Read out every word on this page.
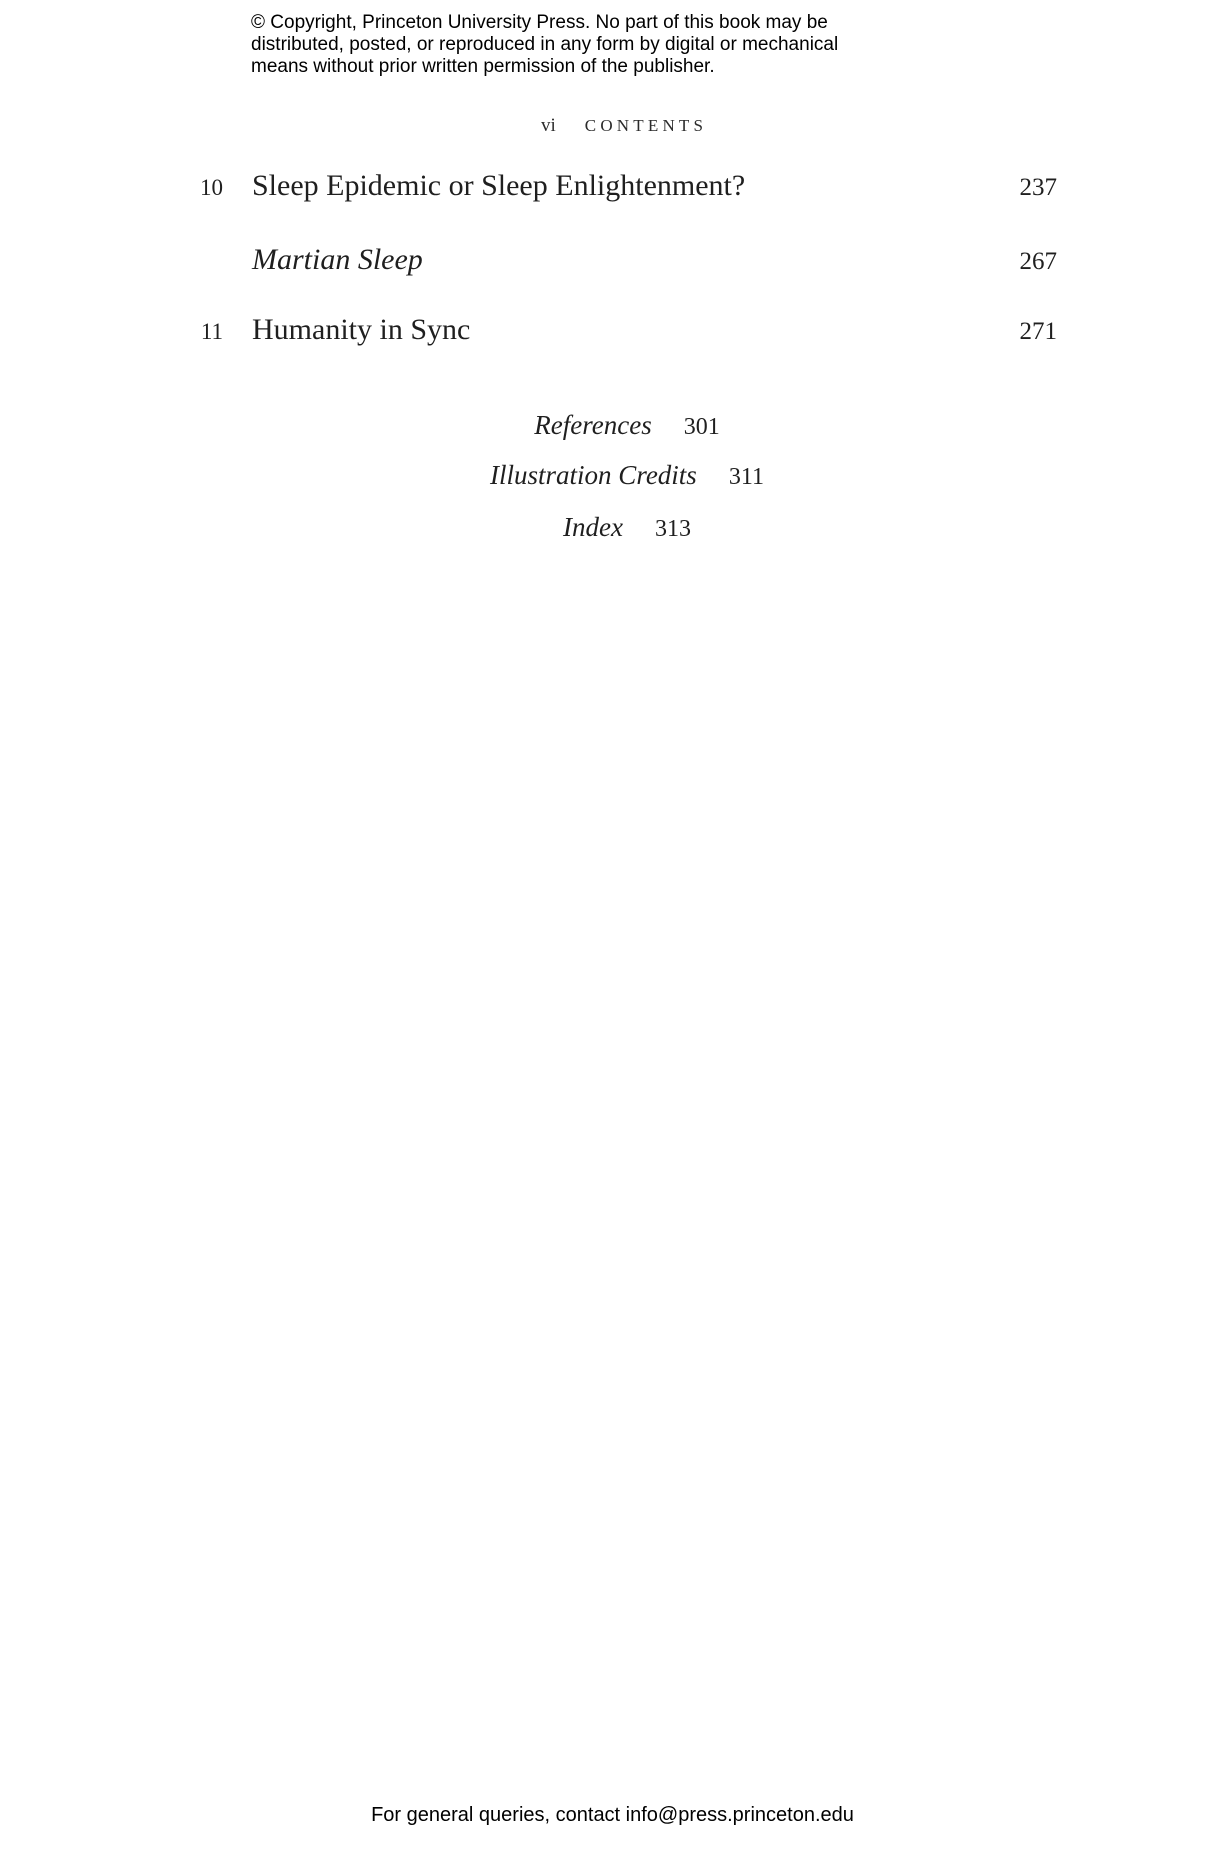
© Copyright, Princeton University Press. No part of this book may be
distributed, posted, or reproduced in any form by digital or mechanical
means without prior written permission of the publisher.
vi CONTENTS
10 Sleep Epidemic or Sleep Enlightenment?	237
Martian Sleep	267
11 Humanity in Sync	271
References 301
Illustration Credits 311
Index 313
For general queries, contact info@press.princeton.edu
